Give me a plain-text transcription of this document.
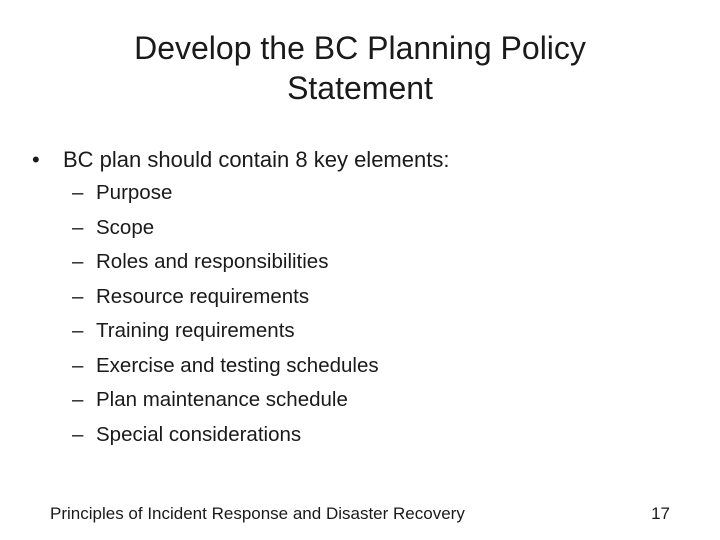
Develop the BC Planning Policy
Statement
•	BC plan should contain 8 key elements:
– Purpose
– Scope
– Roles and responsibilities
– Resource requirements
– Training requirements
– Exercise and testing schedules
– Plan maintenance schedule
– Special considerations
Principles of Incident Response and Disaster Recovery	17
